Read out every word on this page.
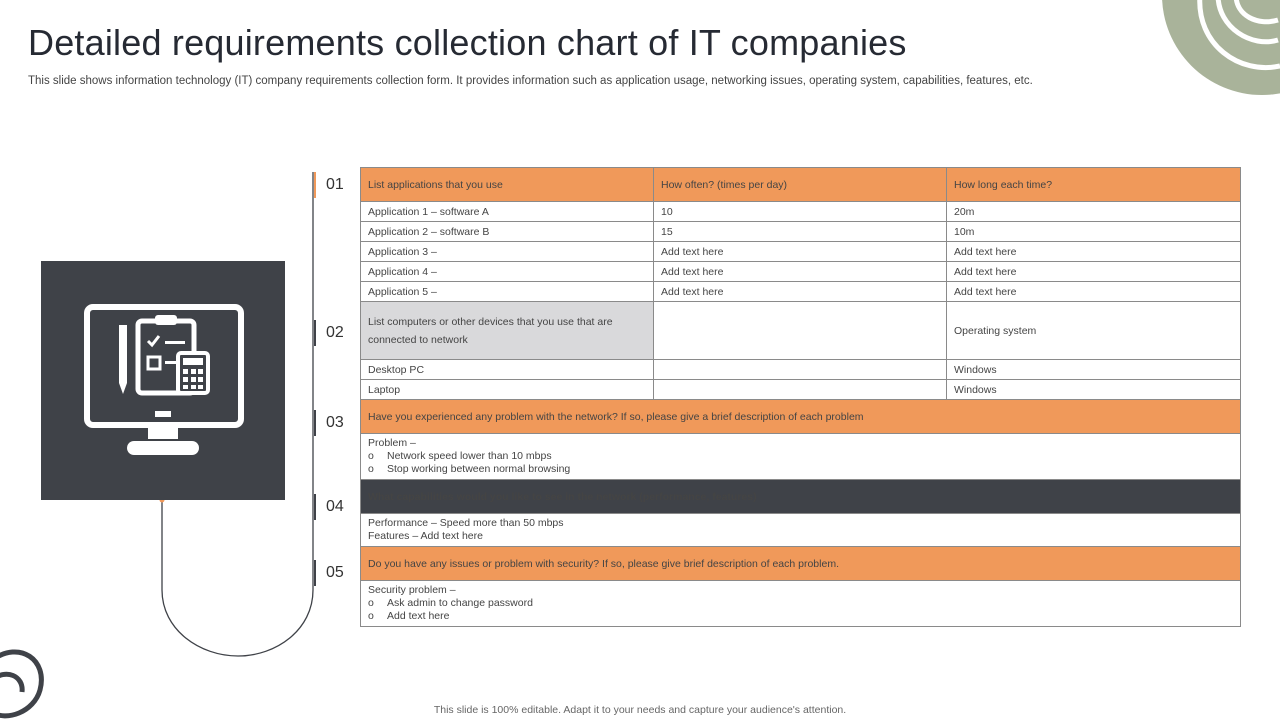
Detailed requirements collection chart of IT companies
This slide shows information technology (IT) company requirements collection form. It provides information such as application usage, networking issues, operating system, capabilities, features, etc.
01
02
03
04
05
List applications that you use	How often? (times per day)	How long each time?
Application 1 – software A	10	20m
Application 2 – software B	15	10m
Application 3 –	Add text here	Add text here
Application 4 –	Add text here	Add text here
Application 5 –	Add text here	Add text here
List computers or other devices that you use that are connected to network		Operating system
Desktop PC		Windows
Laptop		Windows
Have you experienced any problem with the network? If so, please give a brief description of each problem		

Problem –
o Network speed lower than 10 mbps
o Stop working between normal browsing		

What capabilities would you like to see in the network (performance, features)		

Performance – Speed more than 50 mbps
Features – Add text here		

Do you have any issues or problem with security? If so, please give brief description of each problem.		

Security problem –
o Ask admin to change password
o Add text here		
This slide is 100% editable. Adapt it to your needs and capture your audience's attention.
